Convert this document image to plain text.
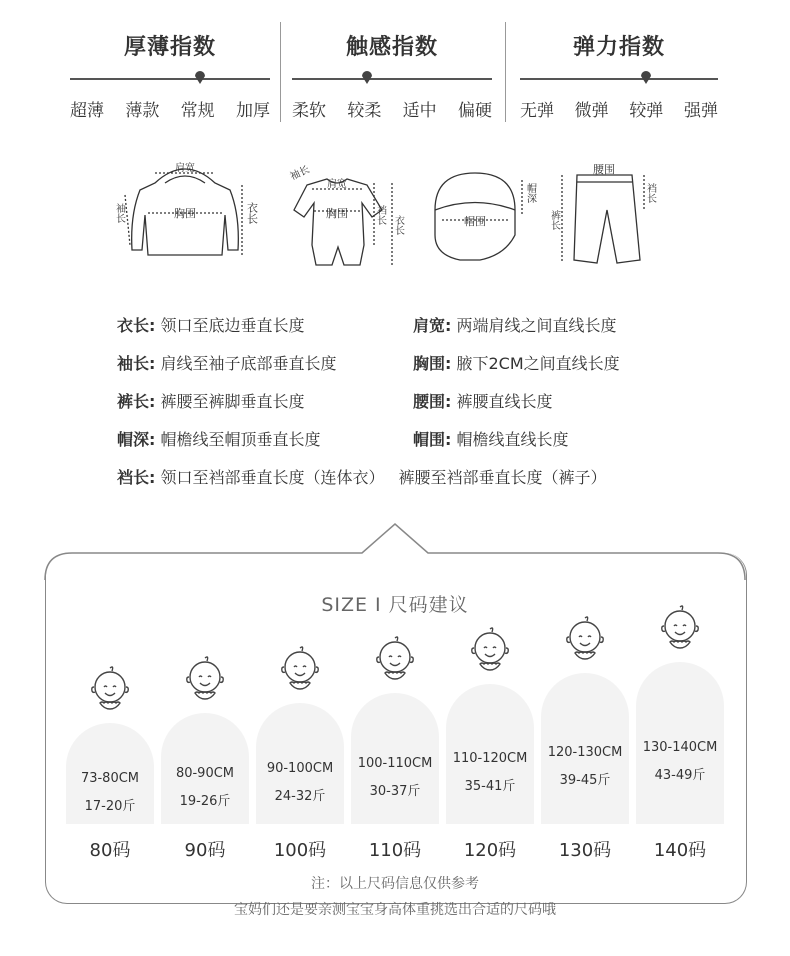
厚薄指数
超薄 薄款 常规 加厚
触感指数
柔软 较柔 适中 偏硬
弹力指数
无弹 微弹 较弹 强弹
肩宽
胸围	衣长
袖长
袖长
肩宽
胸围	裆长 衣长	帽围
帽深
腰围
裤长
裆长
衣长: 领口至底边垂直长度	肩宽: 两端肩线之间直线长度
袖长: 肩线至袖子底部垂直长度	胸围: 腋下2CM之间直线长度
裤长: 裤腰至裤脚垂直长度	腰围: 裤腰直线长度
帽深: 帽檐线至帽顶垂直长度	帽围: 帽檐线直线长度
裆长: 领口至裆部垂直长度（连体衣） 裤腰至裆部垂直长度（裤子）
SIZE I 尺码建议
73-80CM
17-20斤
80码
80-90CM
19-26斤
90码
90-100CM
24-32斤
100码
100-110CM
30-37斤
110码
110-120CM
35-41斤
120码
120-130CM
39-45斤
130码
130-140CM
43-49斤
140码
注：以上尺码信息仅供参考
宝妈们还是要亲测宝宝身高体重挑选出合适的尺码哦
